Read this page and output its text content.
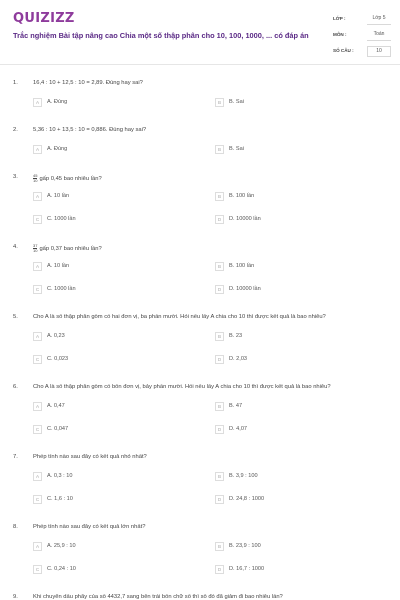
QUIZIZZ
Trắc nghiệm Bài tập nâng cao Chia một số thập phân cho 10, 100, 1000, ... có đáp án
LỚP :	Lớp 5
MÔN :	Toán
SỐ CÂU :	10
1.	16,4 : 10 + 12,5 : 10 = 2,89. Đúng hay sai?
A	A. Đúng	B	B. Sai
2.	5,36 : 10 + 13,5 : 10 = 0,886. Đúng hay sai?
A	A. Đúng	B	B. Sai
3.	$\frac{45}{10}$ gấp 0,45 bao nhiêu lần?
A	A. 10 lần	B	B. 100 lần
C	C. 1000 lần	D	D. 10000 lần
4.	$\frac{37}{10}$ gấp 0,37 bao nhiêu lần?
A	A. 10 lần	B	B. 100 lần
C	C. 1000 lần	D	D. 10000 lần
5.	Cho A là số thập phân gồm có hai đơn vị, ba phần mười. Hỏi nếu lấy A chia cho 10 thì được kết quả là bao nhiêu?
A	A. 0,23	B	B. 23
C	C. 0,023	D	D. 2,03
6.	Cho A là số thập phân gồm có bốn đơn vị, bảy phần mười. Hỏi nếu lấy A chia cho 10 thì được kết quả là bao nhiêu?
A	A. 0,47	B	B. 47
C	C. 0,047	D	D. 4,07
7.	Phép tính nào sau đây có kết quả nhỏ nhất?
A	A. 0,3 : 10	B	B. 3,9 : 100
C	C. 1,6 : 10	D	D. 24,8 : 1000
8.	Phép tính nào sau đây có kết quả lớn nhất?
A	A. 25,9 : 10	B	B. 23,9 : 100
C	C. 0,24 : 10	D	D. 16,7 : 1000
9.	Khi chuyển dấu phẩy của số 4432,7 sang bên trái bốn chữ số thì số đó đã giảm đi bao nhiêu lần?
